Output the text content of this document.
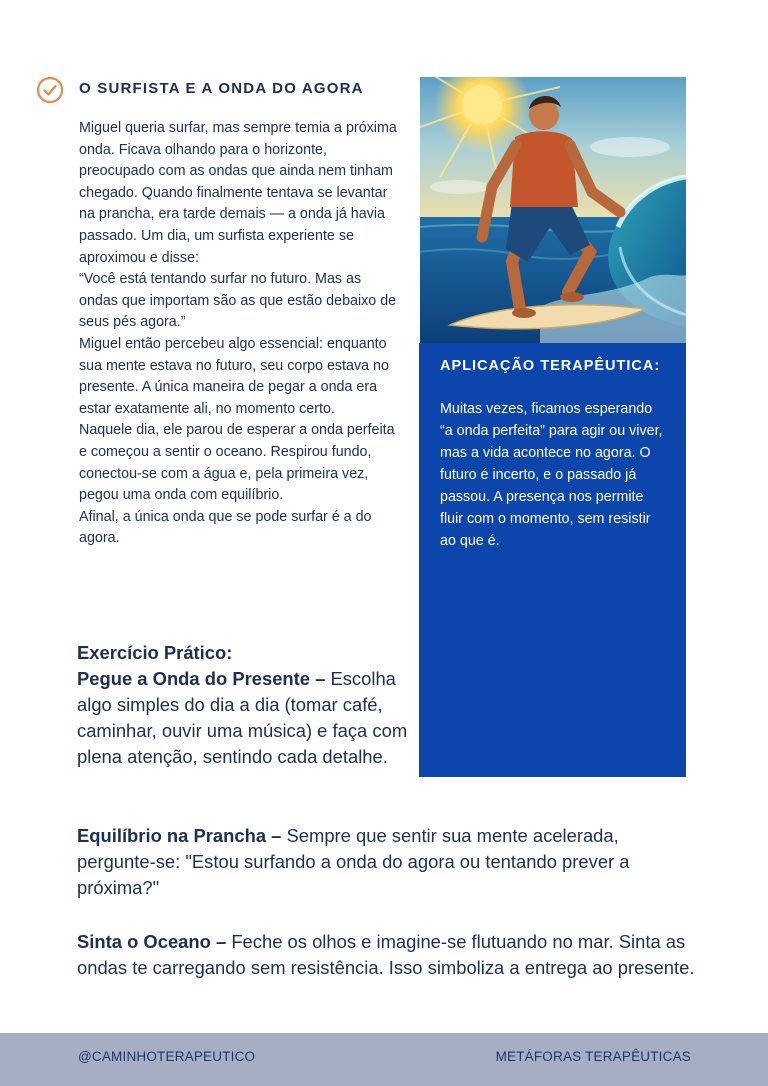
O SURFISTA E A ONDA DO AGORA

Miguel queria surfar, mas sempre temia a próxima onda. Ficava olhando para o horizonte, preocupado com as ondas que ainda nem tinham chegado. Quando finalmente tentava se levantar na prancha, era tarde demais — a onda já havia passado. Um dia, um surfista experiente se aproximou e disse:

“Você está tentando surfar no futuro. Mas as ondas que importam são as que estão debaixo de seus pés agora.”

Miguel então percebeu algo essencial: enquanto sua mente estava no futuro, seu corpo estava no presente. A única maneira de pegar a onda era estar exatamente ali, no momento certo.

Naquele dia, ele parou de esperar a onda perfeita e começou a sentir o oceano. Respirou fundo, conectou-se com a água e, pela primeira vez, pegou uma onda com equilíbrio.

Afinal, a única onda que se pode surfar é a do agora.

APLICAÇÃO TERAPÊUTICA:

Muitas vezes, ficamos esperando “a onda perfeita” para agir ou viver, mas a vida acontece no agora. O futuro é incerto, e o passado já passou. A presença nos permite fluir com o momento, sem resistir ao que é.

Exercício Prático:

Pegue a Onda do Presente – Escolha algo simples do dia a dia (tomar café, caminhar, ouvir uma música) e faça com plena atenção, sentindo cada detalhe.

Equilíbrio na Prancha – Sempre que sentir sua mente acelerada, pergunte-se: "Estou surfando a onda do agora ou tentando prever a próxima?"

Sinta o Oceano – Feche os olhos e imagine-se flutuando no mar. Sinta as ondas te carregando sem resistência. Isso simboliza a entrega ao presente.

@CAMINHOTERAPEUTICO	METÁFORAS TERAPÊUTICAS
